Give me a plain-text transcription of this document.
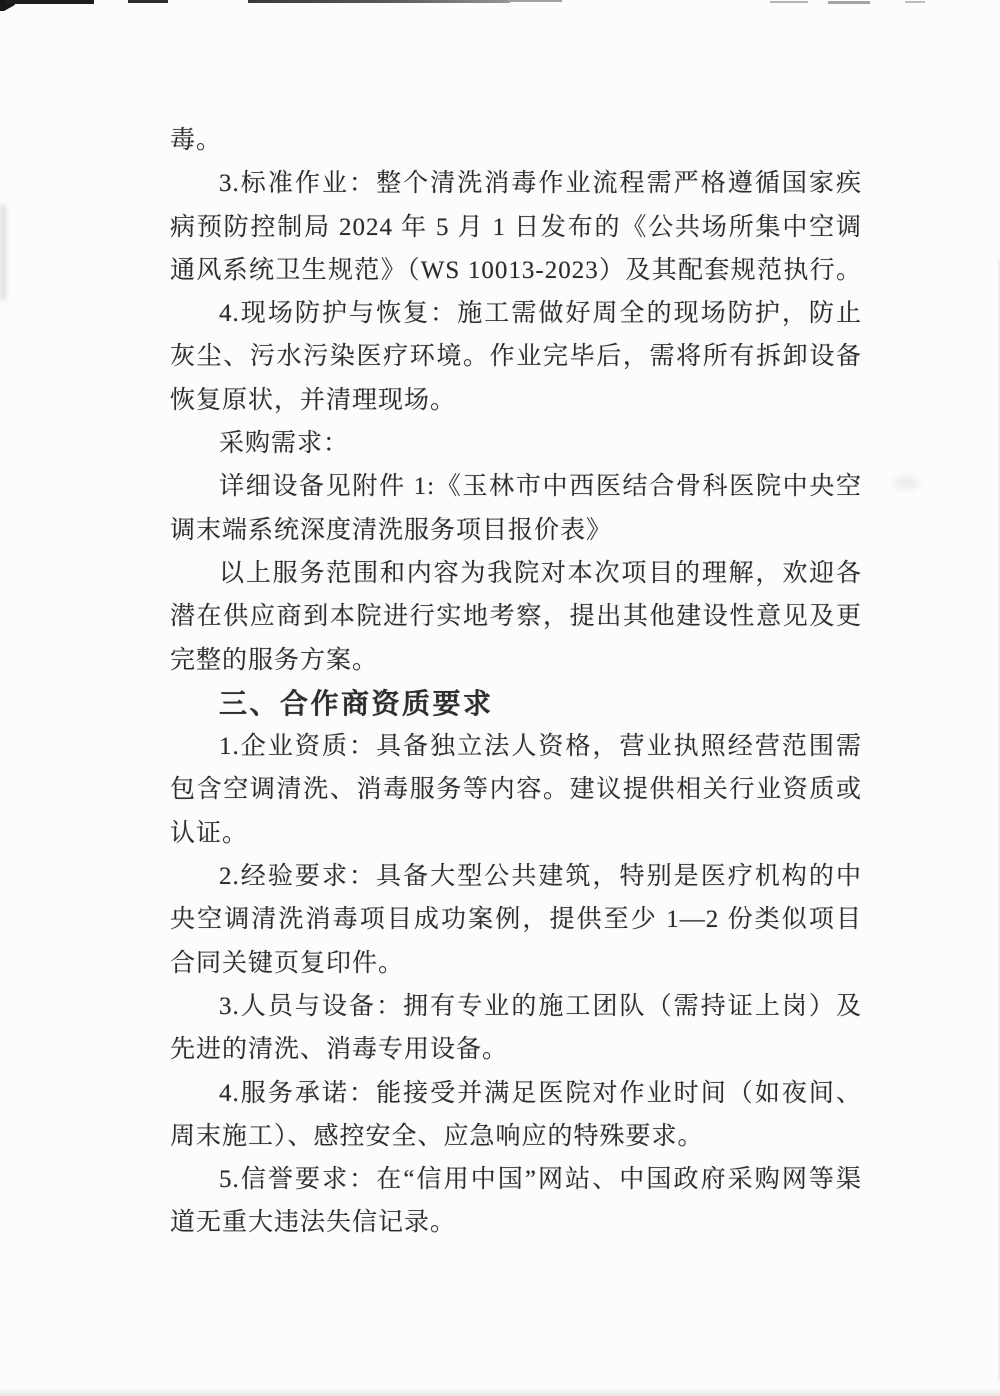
毒。
3.标准作业：整个清洗消毒作业流程需严格遵循国家疾
病预防控制局 2024 年 5 月 1 日发布的《公共场所集中空调
通风系统卫生规范》（WS 10013-2023）及其配套规范执行。
4.现场防护与恢复：施工需做好周全的现场防护，防止
灰尘、污水污染医疗环境。作业完毕后，需将所有拆卸设备
恢复原状，并清理现场。
采购需求：
详细设备见附件 1:《玉林市中西医结合骨科医院中央空
调末端系统深度清洗服务项目报价表》
以上服务范围和内容为我院对本次项目的理解，欢迎各
潜在供应商到本院进行实地考察，提出其他建设性意见及更
完整的服务方案。
三、合作商资质要求
1.企业资质：具备独立法人资格，营业执照经营范围需
包含空调清洗、消毒服务等内容。建议提供相关行业资质或
认证。
2.经验要求：具备大型公共建筑，特别是医疗机构的中
央空调清洗消毒项目成功案例，提供至少 1—2 份类似项目
合同关键页复印件。
3.人员与设备：拥有专业的施工团队（需持证上岗）及
先进的清洗、消毒专用设备。
4.服务承诺：能接受并满足医院对作业时间（如夜间、
周末施工）、感控安全、应急响应的特殊要求。
5.信誉要求：在“信用中国”网站、中国政府采购网等渠
道无重大违法失信记录。
